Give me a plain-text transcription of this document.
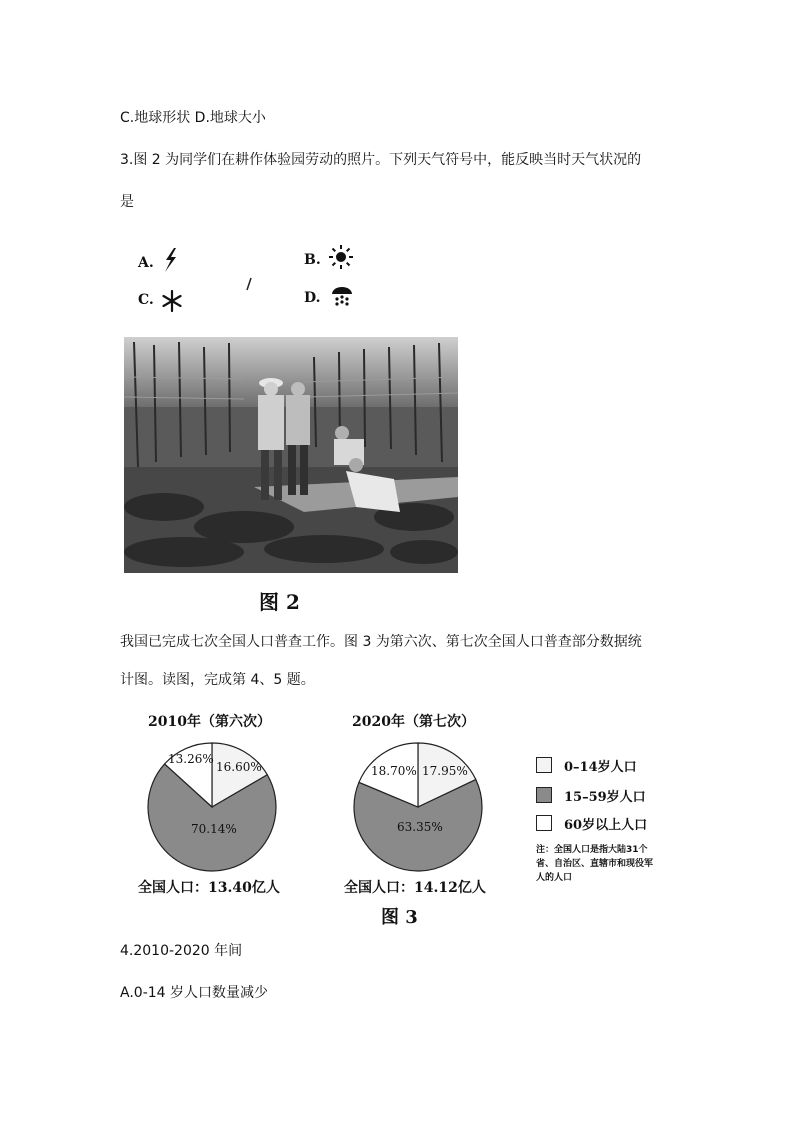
C.地球形状 D.地球大小
3.图 2 为同学们在耕作体验园劳动的照片。下列天气符号中，能反映当时天气状况的
是
A.	B.
C.	D.
图 2
我国已完成七次全国人口普查工作。图 3 为第六次、第七次全国人口普查部分数据统
计图。读图，完成第 4、5 题。
2010年（第六次）	2020年（第七次）
16.60%
70.14%
13.26%
17.95%
63.35%
18.70%
全国人口：13.40亿人	全国人口：14.12亿人
0–14岁人口
15–59岁人口
60岁以上人口
注：全国人口是指大陆31个省、自治区、直辖市和现役军人的人口
图 3
4.2010-2020 年间
A.0-14 岁人口数量减少
